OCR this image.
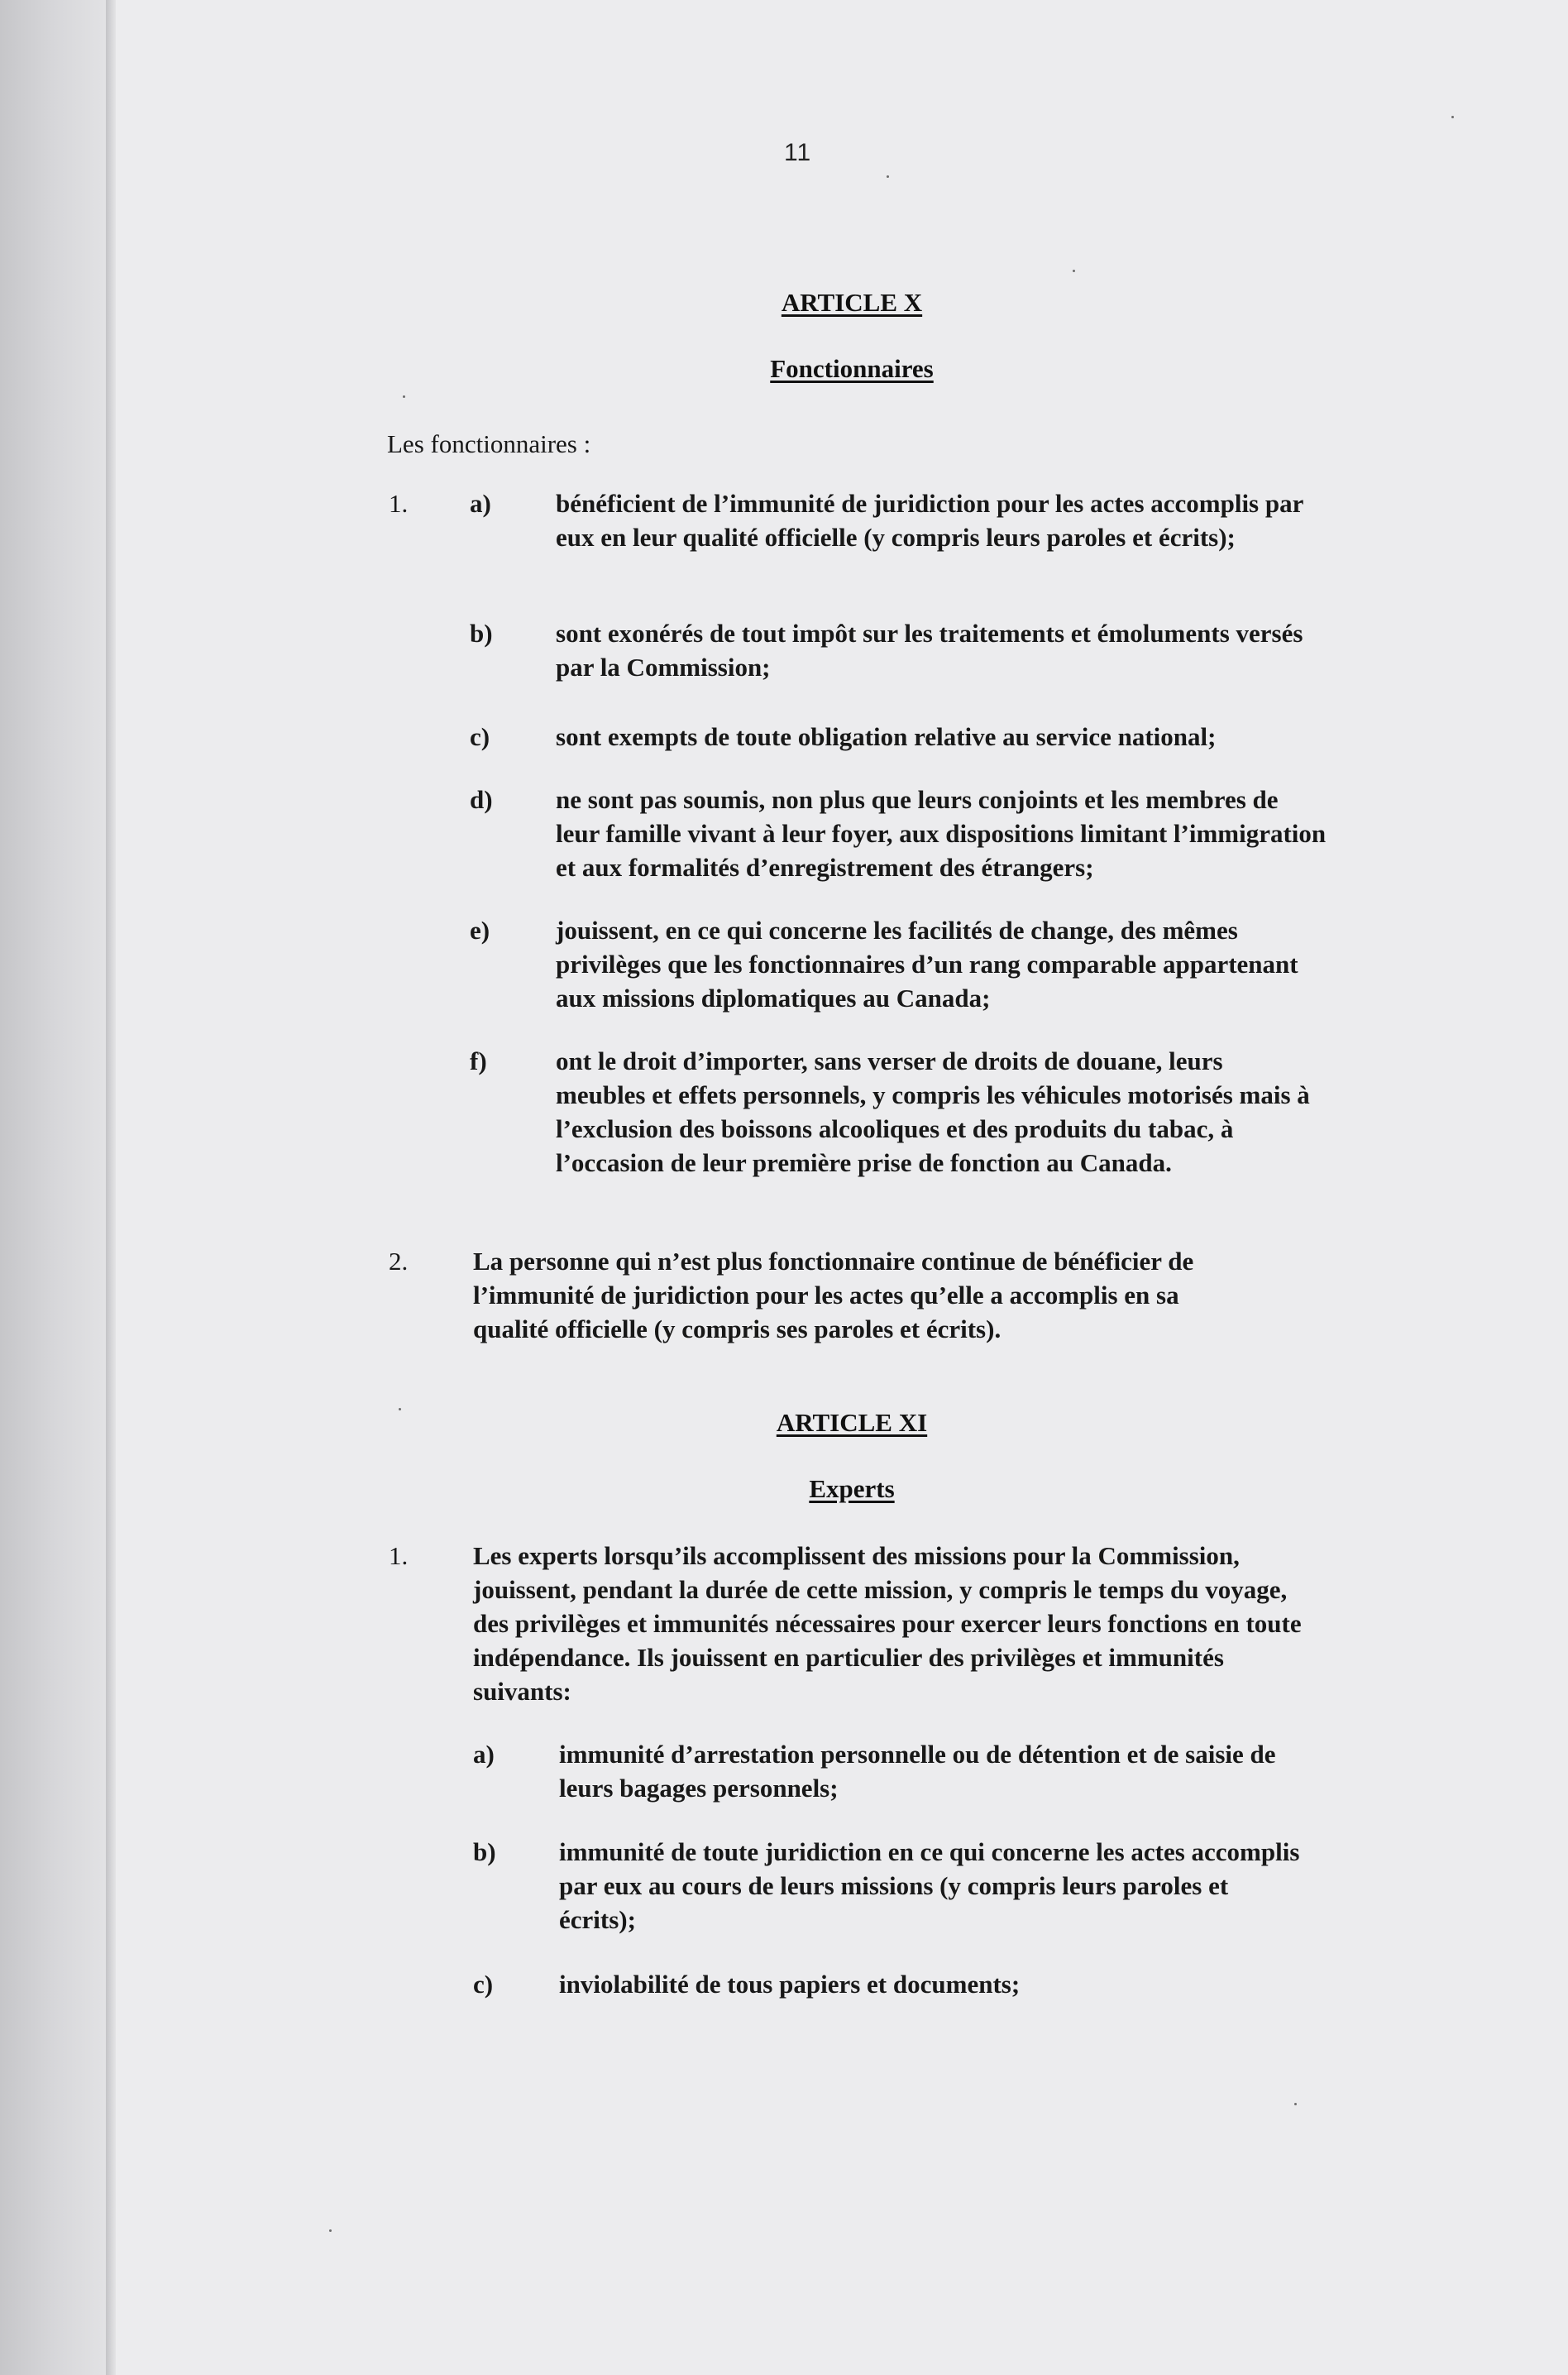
11
ARTICLE X
Fonctionnaires
Les fonctionnaires :
1. a)	bénéficient de l’immunité de juridiction pour les actes accomplis par eux en leur qualité officielle (y compris leurs paroles et écrits);
b) sont exonérés de tout impôt sur les traitements et émoluments versés par la Commission;
c)	sont exempts de toute obligation relative au service national;
d) ne sont pas soumis, non plus que leurs conjoints et les membres de leur famille vivant à leur foyer, aux dispositions limitant l’immigration et aux formalités d’enregistrement des étrangers;
e)	jouissent, en ce qui concerne les facilités de change, des mêmes privilèges que les fonctionnaires d’un rang comparable appartenant aux missions diplomatiques au Canada;
f)	ont le droit d’importer, sans verser de droits de douane, leurs meubles et effets personnels, y compris les véhicules motorisés mais à l’exclusion des boissons alcooliques et des produits du tabac, à l’occasion de leur première prise de fonction au Canada.
2.	La personne qui n’est plus fonctionnaire continue de bénéficier de l’immunité de juridiction pour les actes qu’elle a accomplis en sa qualité officielle (y compris ses paroles et écrits).
ARTICLE XI
Experts
1.	Les experts lorsqu’ils accomplissent des missions pour la Commission, jouissent, pendant la durée de cette mission, y compris le temps du voyage, des privilèges et immunités nécessaires pour exercer leurs fonctions en toute indépendance. Ils jouissent en particulier des privilèges et immunités suivants:
a)	immunité d’arrestation personnelle ou de détention et de saisie de leurs bagages personnels;
b) immunité de toute juridiction en ce qui concerne les actes accomplis par eux au cours de leurs missions (y compris leurs paroles et écrits);
c)	inviolabilité de tous papiers et documents;
